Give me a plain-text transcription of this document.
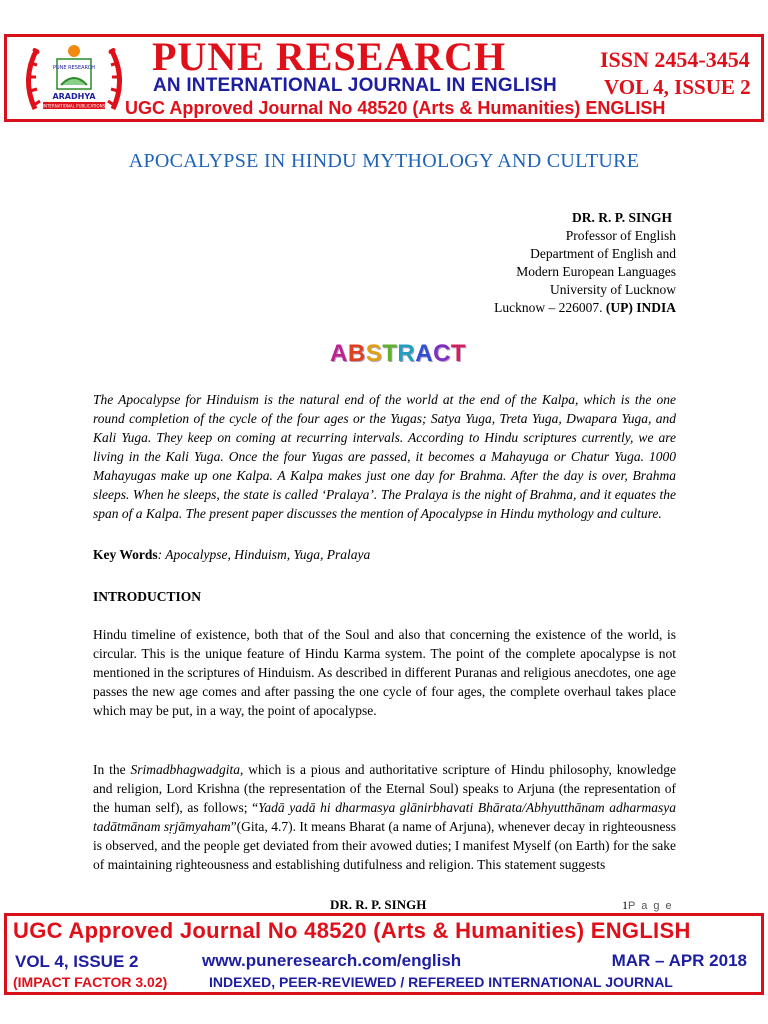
PUNE RESEARCH
ARADHYA
INTERNATIONAL PUBLICATIONS
PUNE RESEARCH	ISSN 2454-3454
AN INTERNATIONAL JOURNAL IN ENGLISH VOL 4, ISSUE 2
UGC Approved Journal No 48520 (Arts & Humanities) ENGLISH
APOCALYPSE IN HINDU MYTHOLOGY AND CULTURE
DR. R. P. SINGH
Professor of English
Department of English and
Modern European Languages
University of Lucknow
Lucknow – 226007. (UP) INDIA
ABSTRACT
The Apocalypse for Hinduism is the natural end of the world at the end of the Kalpa, which is the one round completion of the cycle of the four ages or the Yugas; Satya Yuga, Treta Yuga, Dwapara Yuga, and Kali Yuga. They keep on coming at recurring intervals. According to Hindu scriptures currently, we are living in the Kali Yuga. Once the four Yugas are passed, it becomes a Mahayuga or Chatur Yuga. 1000 Mahayugas make up one Kalpa. A Kalpa makes just one day for Brahma. After the day is over, Brahma sleeps. When he sleeps, the state is called ‘Pralaya’. The Pralaya is the night of Brahma, and it equates the span of a Kalpa. The present paper discusses the mention of Apocalypse in Hindu mythology and culture.
Key Words: Apocalypse, Hinduism, Yuga, Pralaya
INTRODUCTION
Hindu timeline of existence, both that of the Soul and also that concerning the existence of the world, is circular. This is the unique feature of Hindu Karma system. The point of the complete apocalypse is not mentioned in the scriptures of Hinduism. As described in different Puranas and religious anecdotes, one age passes the new age comes and after passing the one cycle of four ages, the complete overhaul takes place which may be put, in a way, the point of apocalypse.
In the Srimadbhagwadgita, which is a pious and authoritative scripture of Hindu philosophy, knowledge and religion, Lord Krishna (the representation of the Eternal Soul) speaks to Arjuna (the representation of the human self), as follows; “Yadā yadā hi dharmasya glānirbhavati Bhārata/Abhyutthānam adharmasya tadātmānam sṛjāmyaham”(Gita, 4.7). It means Bharat (a name of Arjuna), whenever decay in righteousness is observed, and the people get deviated from their avowed duties; I manifest Myself (on Earth) for the sake of maintaining righteousness and establishing dutifulness and religion. This statement suggests
DR. R. P. SINGH	1P a g e
UGC Approved Journal No 48520 (Arts & Humanities) ENGLISH
VOL 4, ISSUE 2	www.puneresearch.com/english	MAR – APR 2018
(IMPACT FACTOR 3.02)	INDEXED, PEER-REVIEWED / REFEREED INTERNATIONAL JOURNAL
